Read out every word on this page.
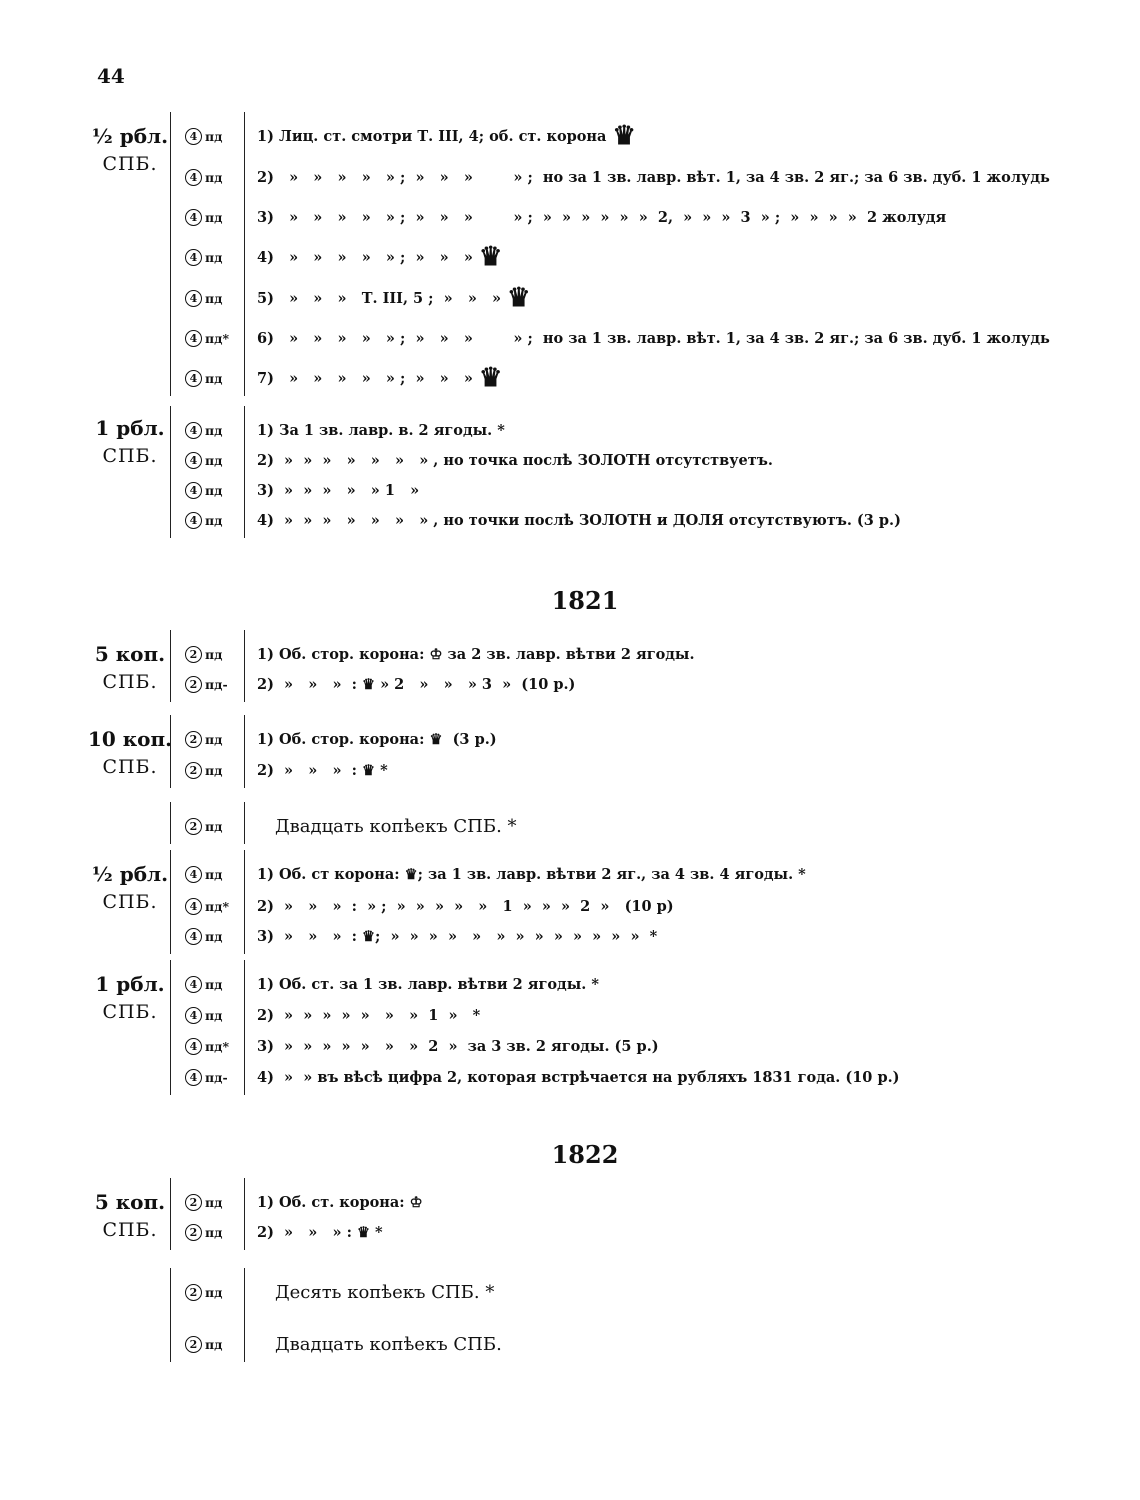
44
½ рбл.
СПБ.
4 пд 1) Лиц. ст. смотри Т. III, 4; об. ст. корона ♛
4 пд 2)   »   »   »   »   » ;  »   »   »        » ;  но за 1 зв. лавр. вѣт. 1, за 4 зв. 2 яг.; за 6 зв. дуб. 1 жолудь
4 пд 3)   »   »   »   »   » ;  »   »   »        » ;  »  »  »  »  »  »  2,  »  »  »  3  » ;  »  »  »  »  2 жолудя
4 пд 4)   »   »   »   »   » ;  »   »   » ♛
4 пд 5)   »   »   »   Т. III, 5 ;  »   »   » ♛
4 пд* 6)   »   »   »   »   » ;  »   »   »        » ;  но за 1 зв. лавр. вѣт. 1, за 4 зв. 2 яг.; за 6 зв. дуб. 1 жолудь
4 пд 7)   »   »   »   »   » ;  »   »   » ♛
1 рбл.
СПБ.
4 пд 1) За 1 зв. лавр. в. 2 ягоды. *
4 пд 2)  »  »  »   »   »   »   » , но точка послѣ ЗОЛОТН отсутствуетъ.
4 пд 3)  »  »  »   »   » 1   »
4 пд 4)  »  »  »   »   »   »   » , но точки послѣ ЗОЛОТН и ДОЛЯ отсутствуютъ. (3 р.)
1821
5 коп.
СПБ.
2 пд 1) Об. стор. корона: ♔ за 2 зв. лавр. вѣтви 2 ягоды.
2 пд- 2)  »   »   »  : ♛ » 2   »   »   » 3  »  (10 р.)
10 коп.
СПБ.
2 пд 1) Об. стор. корона: ♛  (3 р.)
2 пд 2)  »   »   »  : ♛ *
2 пд	Двадцать копѣекъ СПБ. *
½ рбл.
СПБ.
4 пд 1) Об. ст корона: ♛; за 1 зв. лавр. вѣтви 2 яг., за 4 зв. 4 ягоды. *
4 пд* 2)  »   »   »  :  » ;  »  »  »  »   »   1  »  »  »  2  »   (10 р)
4 пд 3)  »   »   »  : ♛;  »  »  »  »   »   »  »  »  »  »  »  »  »  *
1 рбл.
СПБ.
4 пд 1) Об. ст. за 1 зв. лавр. вѣтви 2 ягоды. *
4 пд 2)  »  »  »  »  »   »   »  1  »   *
4 пд* 3)  »  »  »  »  »   »   »  2  »  за 3 зв. 2 ягоды. (5 р.)
4 пд- 4)  »  » въ вѣсѣ цифра 2, которая встрѣчается на рубляхъ 1831 года. (10 р.)
1822
5 коп.
СПБ.
2 пд 1) Об. ст. корона: ♔
2 пд 2)  »   »   » : ♛ *
2 пд	Десять копѣекъ СПБ. *
2 пд	Двадцать копѣекъ СПБ.
